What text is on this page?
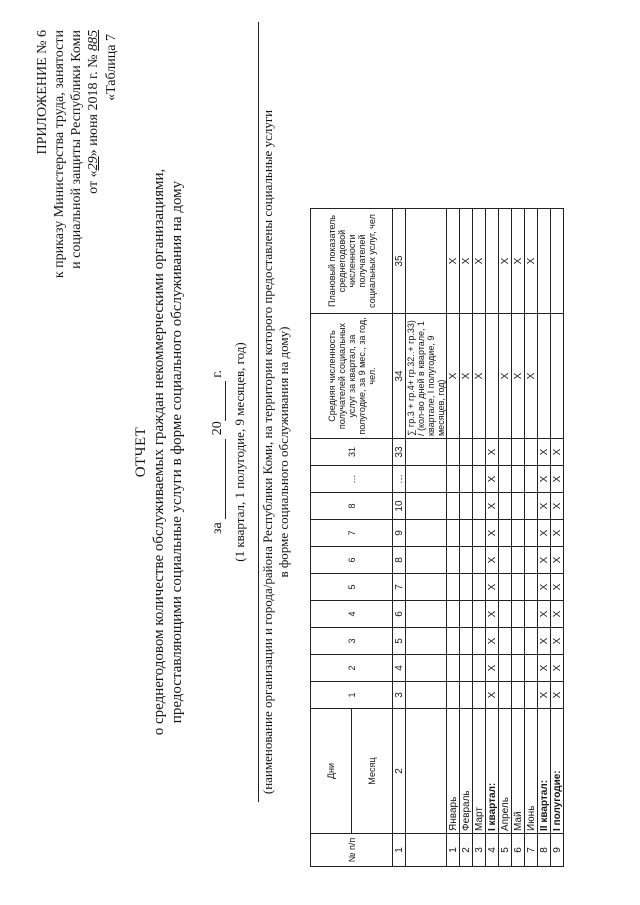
ПРИЛОЖЕНИЕ № 6 к приказу Министерства труда, занятости и социальной защиты Республики Коми от «29» июня 2018 г. № 885 «Таблица 7
ОТЧЕТ о среднегодовом количестве обслуживаемых граждан некоммерческими организациями, предоставляющими социальные услуги в форме социального обслуживания на дому за  20 г. (1 квартал, 1 полугодие, 9 месяцев, год) (наименование организации и города/района Республики Коми, на территории которого предоставлены социальные услуги в форме социального обслуживания на дому)
№ п/п	Дни	1	2	3	4	5	6	7	8	…	31	Средняя численность получателей социальных услуг за квартал, за полугодие, за 9 мес., за год, чел.	Плановый показатель среднегодовой численности получателей социальных услуг, чел
	Месяц												
1	2	3	4	5	6	7	8	9	10	…	33	34	35
												∑ гр.3 + гр.4+ гр.32..+ гр.33) / (кол-во дней в квартале, 1 квартале, I полугодие, 9 месяцев, год)	
1	Январь											X	X
2	Февраль											X	X
3	Март											X	X
4	I квартал:	X	X	X	X	X	X	X	X	X	X		
5	Апрель											X	X
6	Май											X	X
7	Июнь											X	X
8	II квартал:	X	X	X	X	X	X	X	X	X	X		
9	I полугодие:	X	X	X	X	X	X	X	X	X	X		
